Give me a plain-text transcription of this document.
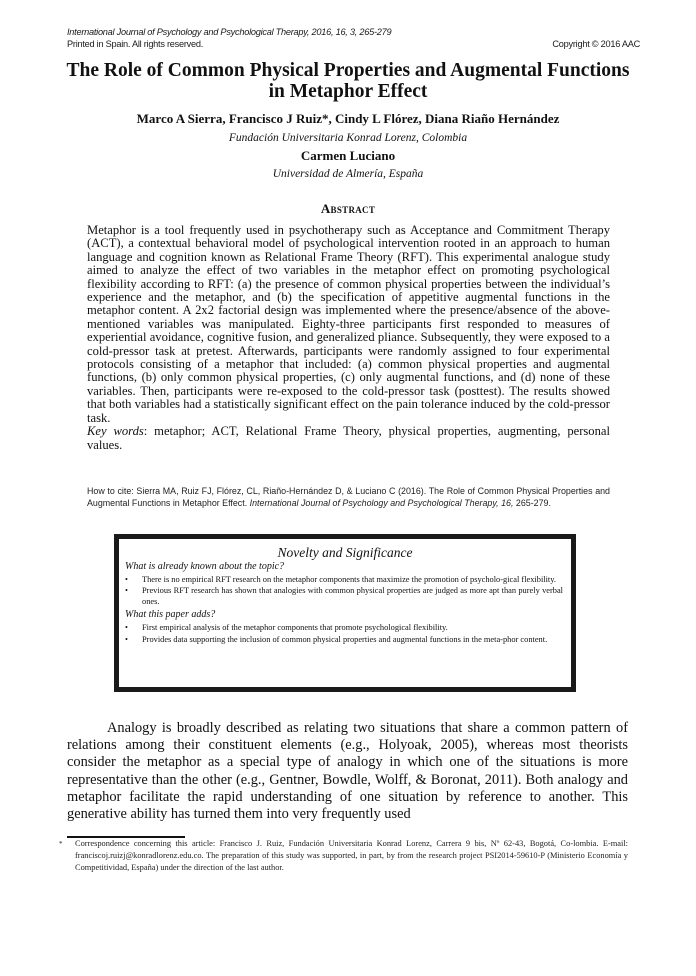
International Journal of Psychology and Psychological Therapy, 2016, 16, 3, 265-279
Printed in Spain. All rights reserved.	Copyright © 2016 AAC
The Role of Common Physical Properties and Augmental Functions in Metaphor Effect
Marco A Sierra, Francisco J Ruiz*, Cindy L Flórez, Diana Riaño Hernández
Fundación Universitaria Konrad Lorenz, Colombia
Carmen Luciano
Universidad de Almería, España
Abstract

Metaphor is a tool frequently used in psychotherapy such as Acceptance and Commitment Therapy (ACT), a contextual behavioral model of psychological intervention rooted in an approach to human language and cognition known as Relational Frame Theory (RFT). This experimental analogue study aimed to analyze the effect of two variables in the metaphor effect on promoting psychological flexibility according to RFT: (a) the presence of common physical properties between the individual’s experience and the metaphor, and (b) the specification of appetitive augmental functions in the metaphor content. A 2x2 factorial design was implemented where the presence/absence of the above-mentioned variables was manipulated. Eighty-three participants first responded to measures of experiential avoidance, cognitive fusion, and generalized pliance. Subsequently, they were exposed to a cold-pressor task at pretest. Afterwards, participants were randomly assigned to four experimental protocols consisting of a metaphor that included: (a) common physical properties and augmental functions, (b) only common physical properties, (c) only augmental functions, and (d) none of these variables. Then, participants were re-exposed to the cold-pressor task (posttest). The results showed that both variables had a statistically significant effect on the pain tolerance induced by the cold-pressor task.

Key words: metaphor; ACT, Relational Frame Theory, physical properties, augmenting, personal values.

How to cite: Sierra MA, Ruiz FJ, Flórez, CL, Riaño-Hernández D, & Luciano C (2016). The Role of Common Physical Properties and Augmental Functions in Metaphor Effect. International Journal of Psychology and Psychological Therapy, 16, 265-279.
Novelty and Significance
What is already known about the topic?
• There is no empirical RFT research on the metaphor components that maximize the promotion of psycholo-gical flexibility.
• Previous RFT research has shown that analogies with common physical properties are judged as more apt than purely verbal ones.
What this paper adds?
• First empirical analysis of the metaphor components that promote psychological flexibility.
• Provides data supporting the inclusion of common physical properties and augmental functions in the meta-phor content.

Analogy is broadly described as relating two situations that share a common pattern of relations among their constituent elements (e.g., Holyoak, 2005), whereas most theorists consider the metaphor as a special type of analogy in which one of the situations is more representative than the other (e.g., Gentner, Bowdle, Wolff, & Boronat, 2011). Both analogy and metaphor facilitate the rapid understanding of one situation by reference to another. This generative ability has turned them into very frequently used

* Correspondence concerning this article: Francisco J. Ruiz, Fundación Universitaria Konrad Lorenz, Carrera 9 bis, Nº 62-43, Bogotá, Co-lombia. E-mail: franciscoj.ruizj@konradlorenz.edu.co. The preparation of this study was supported, in part, by from the research project PSI2014-59610-P (Ministerio Economía y Competitividad, España) under the direction of the last author.
